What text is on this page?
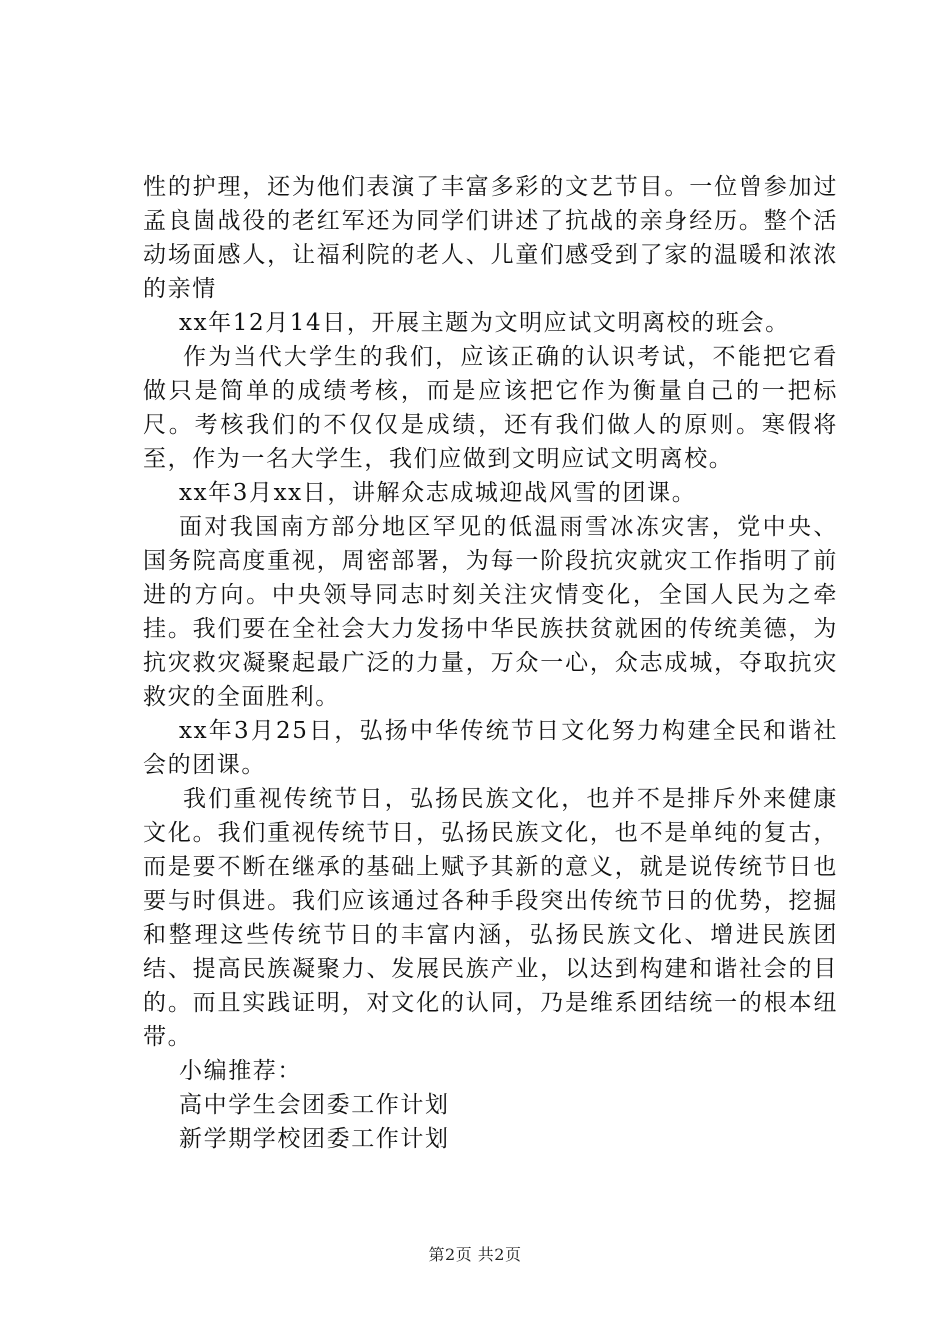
性的护理，还为他们表演了丰富多彩的文艺节目。一位曾参加过孟良崮战役的老红军还为同学们讲述了抗战的亲身经历。整个活动场面感人，让福利院的老人、儿童们感受到了家的温暖和浓浓的亲情

xx年12月14日，开展主题为文明应试文明离校的班会。

作为当代大学生的我们，应该正确的认识考试，不能把它看做只是简单的成绩考核，而是应该把它作为衡量自己的一把标尺。考核我们的不仅仅是成绩，还有我们做人的原则。寒假将至，作为一名大学生，我们应做到文明应试文明离校。

xx年3月xx日，讲解众志成城迎战风雪的团课。

面对我国南方部分地区罕见的低温雨雪冰冻灾害，党中央、国务院高度重视，周密部署，为每一阶段抗灾就灾工作指明了前进的方向。中央领导同志时刻关注灾情变化，全国人民为之牵挂。我们要在全社会大力发扬中华民族扶贫就困的传统美德，为抗灾救灾凝聚起最广泛的力量，万众一心，众志成城，夺取抗灾救灾的全面胜利。

xx年3月25日，弘扬中华传统节日文化努力构建全民和谐社会的团课。

我们重视传统节日，弘扬民族文化，也并不是排斥外来健康文化。我们重视传统节日，弘扬民族文化，也不是单纯的复古，而是要不断在继承的基础上赋予其新的意义，就是说传统节日也要与时俱进。我们应该通过各种手段突出传统节日的优势，挖掘和整理这些传统节日的丰富内涵，弘扬民族文化、增进民族团结、提高民族凝聚力、发展民族产业，以达到构建和谐社会的目的。而且实践证明，对文化的认同，乃是维系团结统一的根本纽带。

小编推荐：

高中学生会团委工作计划

新学期学校团委工作计划

第2页 共2页
